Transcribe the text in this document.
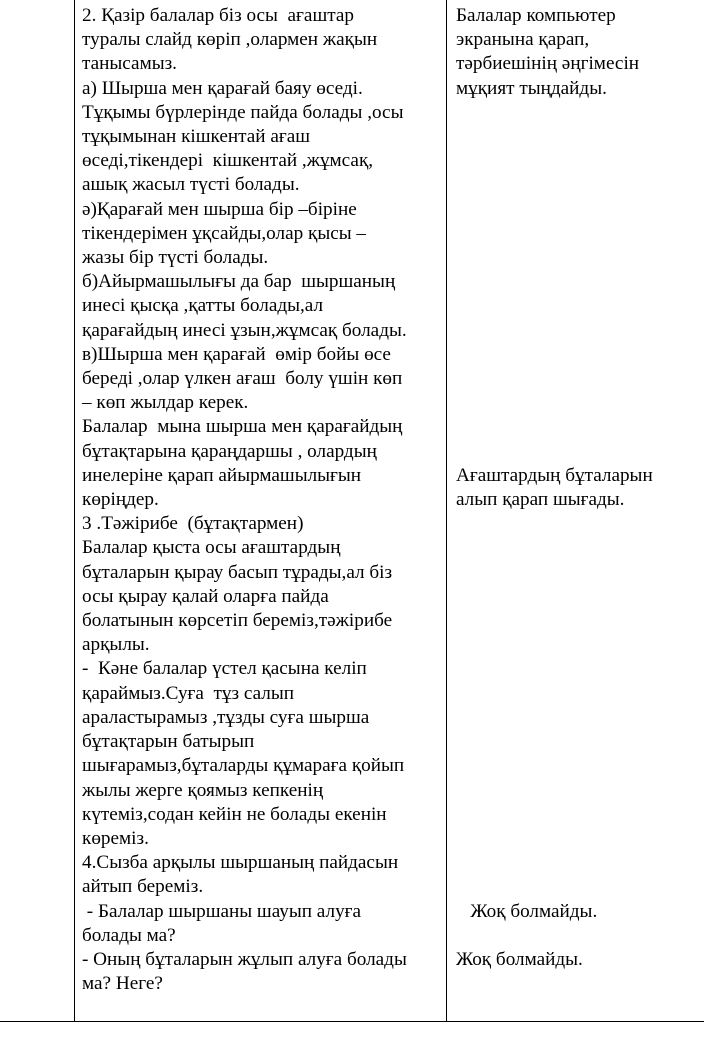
2. Қазір балалар біз осы  ағаштар

туралы слайд көріп ,олармен жақын

танысамыз.

а) Шырша мен қарағай баяу өседі.

Тұқымы бүрлерінде пайда болады ,осы

тұқымынан кішкентай ағаш

өседі,тікендері  кішкентай ,жұмсақ,

ашық жасыл түсті болады.

ә)Қарағай мен шырша бір –біріне

тікендерімен ұқсайды,олар қысы –

жазы бір түсті болады.

б)Айырмашылығы да бар  шыршаның

инесі қысқа ,қатты болады,ал

қарағайдың инесі ұзын,жұмсақ болады.

в)Шырша мен қарағай  өмір бойы өсе

береді ,олар үлкен ағаш  болу үшін көп

– көп жылдар керек.

Балалар  мына шырша мен қарағайдың

бұтақтарына қараңдаршы , олардың

инелеріне қарап айырмашылығын

көріңдер.

3 .Тәжірибе  (бұтақтармен)

Балалар қыста осы ағаштардың

бұталарын қырау басып тұрады,ал біз

осы қырау қалай оларға пайда

болатынын көрсетіп береміз,тәжірибе

арқылы.

-  Кәне балалар үстел қасына келіп

қараймыз.Суға  тұз салып

араластырамыз ,тұзды суға шырша

бұтақтарын батырып

шығарамыз,бұталарды құмараға қойып

жылы жерге қоямыз кепкенің

күтеміз,содан кейін не болады екенін

көреміз.

4.Сызба арқылы шыршаның пайдасын

айтып береміз.

- Балалар шыршаны шауып алуға

болады ма?

- Оның бұталарын жұлып алуға болады

ма? Неге?

Балалар компьютер

экранына қарап,

тәрбиешінің әңгімесін

мұқият тыңдайды.

Ағаштардың бұталарын

алып қарап шығады.

Жоқ болмайды.

Жоқ болмайды.
